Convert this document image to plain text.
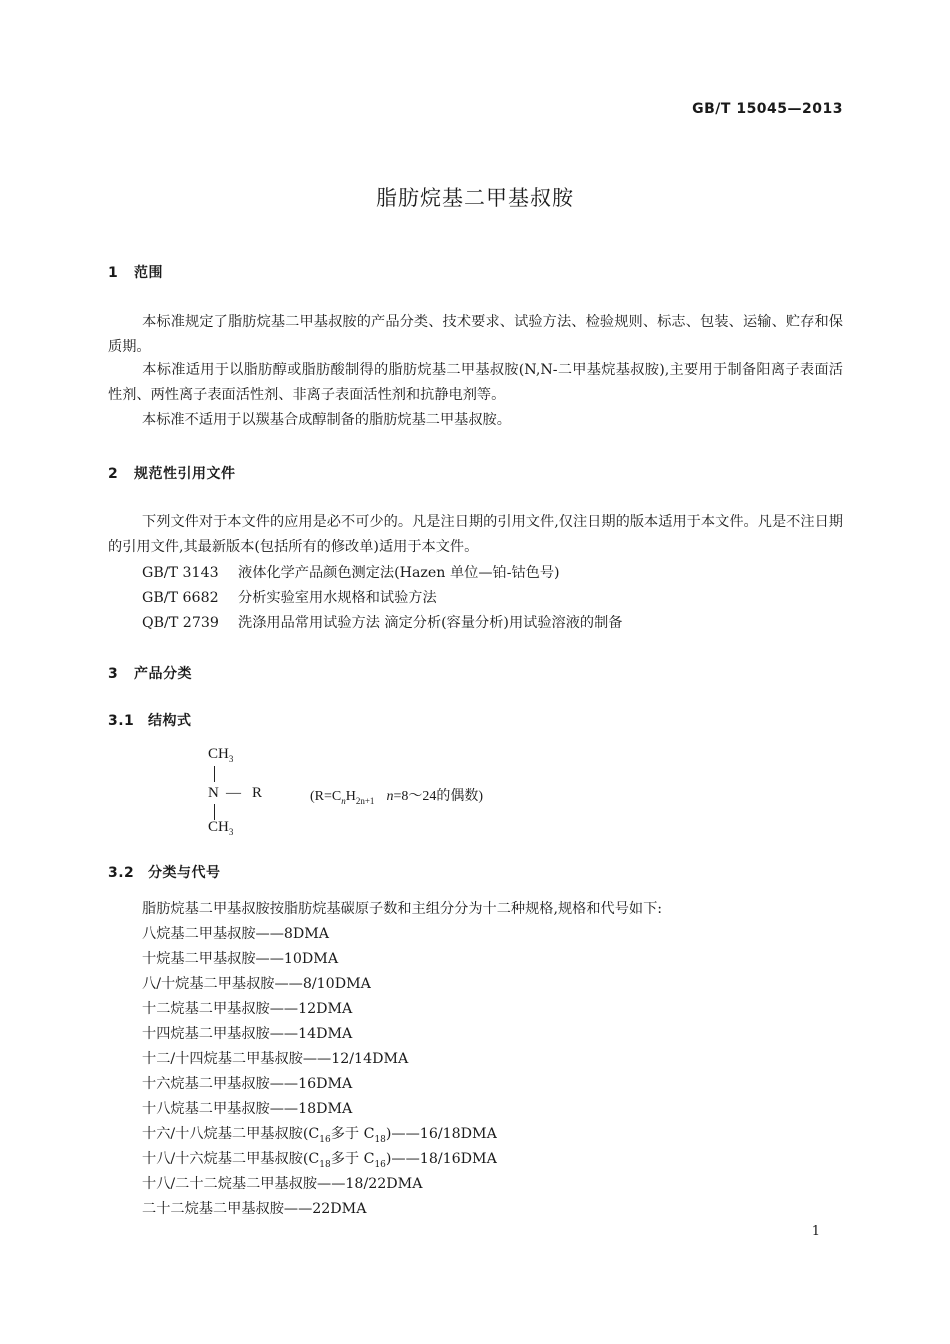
GB/T 15045—2013
脂肪烷基二甲基叔胺
1 范围
本标准规定了脂肪烷基二甲基叔胺的产品分类、技术要求、试验方法、检验规则、标志、包装、运输、贮存和保质期。
本标准适用于以脂肪醇或脂肪酸制得的脂肪烷基二甲基叔胺(N,N-二甲基烷基叔胺),主要用于制备阳离子表面活性剂、两性离子表面活性剂、非离子表面活性剂和抗静电剂等。
本标准不适用于以羰基合成醇制备的脂肪烷基二甲基叔胺。
2 规范性引用文件
下列文件对于本文件的应用是必不可少的。凡是注日期的引用文件,仅注日期的版本适用于本文件。凡是不注日期的引用文件,其最新版本(包括所有的修改单)适用于本文件。
GB/T 3143 液体化学产品颜色测定法(Hazen 单位—铂-钴色号)
GB/T 6682 分析实验室用水规格和试验方法
QB/T 2739 洗涤用品常用试验方法 滴定分析(容量分析)用试验溶液的制备
3 产品分类
3.1 结构式
$CH_3$
N — R
$CH_3$
($R=C_nH_{2n+1}$ n=8～24的偶数)
3.2 分类与代号
脂肪烷基二甲基叔胺按脂肪烷基碳原子数和主组分分为十二种规格,规格和代号如下:
八烷基二甲基叔胺——8DMA
十烷基二甲基叔胺——10DMA
八/十烷基二甲基叔胺——8/10DMA
十二烷基二甲基叔胺——12DMA
十四烷基二甲基叔胺——14DMA
十二/十四烷基二甲基叔胺——12/14DMA
十六烷基二甲基叔胺——16DMA
十八烷基二甲基叔胺——18DMA
十六/十八烷基二甲基叔胺($C_{16}$多于 $C_{18})——16/18DMA$
十八/十六烷基二甲基叔胺($C_{18}$多于 $C_{16})——18/16DMA$
十八/二十二烷基二甲基叔胺——18/22DMA
二十二烷基二甲基叔胺——22DMA
1
